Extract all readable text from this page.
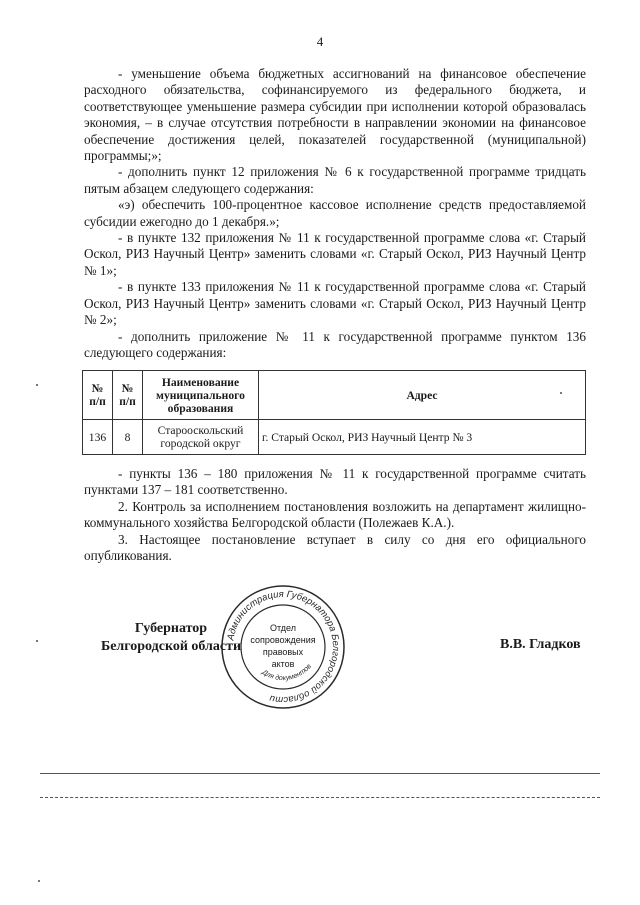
4

- уменьшение объема бюджетных ассигнований на финансовое обеспечение расходного обязательства, софинансируемого из федерального бюджета, и соответствующее уменьшение размера субсидии при исполнении которой образовалась экономия, – в случае отсутствия потребности в направлении экономии на финансовое обеспечение достижения целей, показателей государственной (муниципальной) программы;»;

- дополнить пункт 12 приложения № 6 к государственной программе тридцать пятым абзацем следующего содержания:

«э) обеспечить 100-процентное кассовое исполнение средств предоставляемой субсидии ежегодно до 1 декабря.»;

- в пункте 132 приложения № 11 к государственной программе слова «г. Старый Оскол, РИЗ Научный Центр» заменить словами «г. Старый Оскол, РИЗ Научный Центр № 1»;

- в пункте 133 приложения № 11 к государственной программе слова «г. Старый Оскол, РИЗ Научный Центр» заменить словами «г. Старый Оскол, РИЗ Научный Центр № 2»;

- дополнить приложение № 11 к государственной программе пунктом 136 следующего содержания:

№ п/п	№ п/п	Наименование муниципального образования	Адрес
136	8	Старооскольский городской округ	г. Старый Оскол, РИЗ Научный Центр № 3

- пункты 136 – 180 приложения № 11 к государственной программе считать пунктами 137 – 181 соответственно.

2. Контроль за исполнением постановления возложить на департамент жилищно-коммунального хозяйства Белгородской области (Полежаев К.А.).

3. Настоящее постановление вступает в силу со дня его официального опубликования.

Губернатор
Белгородской области	В.В. Гладков
Администрация Губернатора Белгородской области
Для документов
Отдел
сопровождения
правовых
актов
